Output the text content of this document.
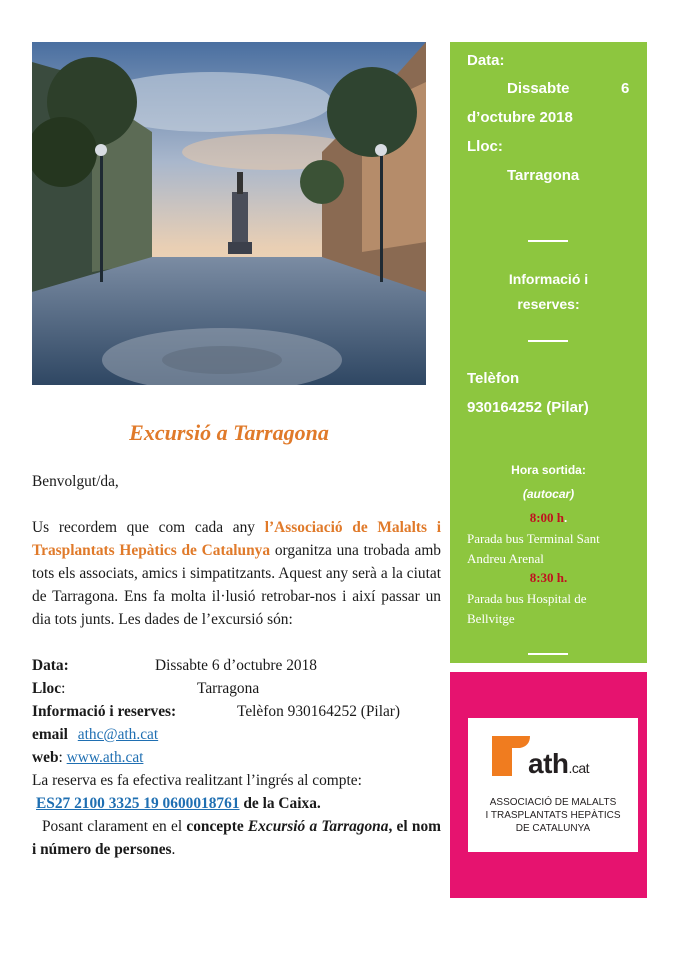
Excursió a Tarragona

Benvolgut/da,

Us recordem que com cada any l’Associació de Malalts i Trasplantats Hepàtics de Catalunya organitza una trobada amb tots els associats, amics i simpatitzants. Aquest any serà a la ciutat de Tarragona. Ens fa molta il·lusió retrobar-nos i així passar un dia tots junts. Les dades de l’excursió són:

Data:	Dissabte 6 d’octubre 2018
Lloc:	Tarragona
Informació i reserves:	Telèfon 930164252 (Pilar)
email athc@ath.cat
web: www.ath.cat
La reserva es fa efectiva realitzant l’ingrés al compte:
ES27 2100 3325 19 0600018761 de la Caixa.

Posant clarament en el concepte Excursió a Tarragona, el nom i número de persones.

Data:
Dissabte	6
d’octubre 2018
Lloc:
Tarragona
Informació i
reserves:
Telèfon
930164252 (Pilar)
Hora sortida:
(autocar)
8:00 h.
Parada bus Terminal Sant Andreu Arenal
8:30 h.
Parada bus Hospital de Bellvitge
ath.cat
ASSOCIACIÓ DE MALALTS
I TRASPLANTATS HEPÀTICS
DE CATALUNYA
